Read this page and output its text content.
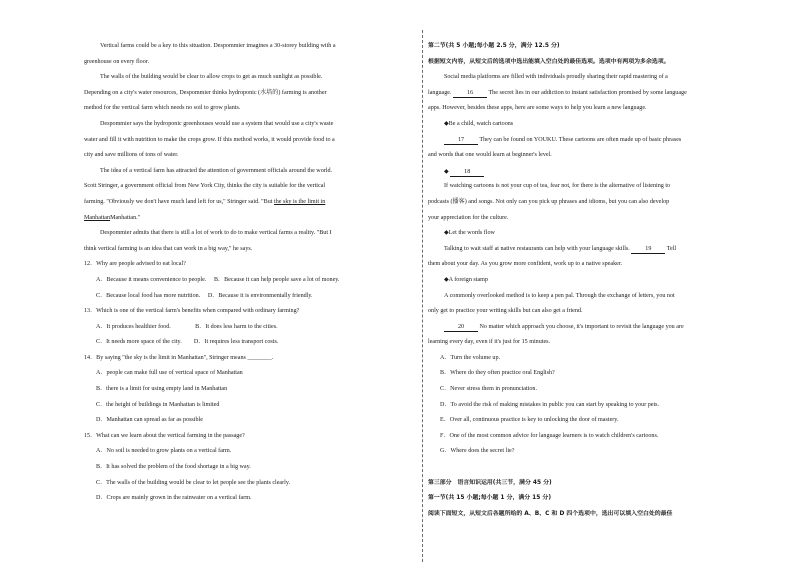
Vertical farms could be a key to this situation. Despommier imagines a 30-storey building with a
greenhouse on every floor.
The walls of the building would be clear to allow crops to get as much sunlight as possible.
Depending on a city's water resources, Despommier thinks hydroponic (水培的) farming is another
method for the vertical farm which needs no soil to grow plants.
Despommier says the hydroponic greenhouses would use a system that would use a city's waste
water and fill it with nutrition to make the crops grow. If this method works, it would provide food to a
city and save millions of tons of water.
The idea of a vertical farm has attracted the attention of government officials around the world.
Scott Stringer, a government official from New York City, thinks the city is suitable for the vertical
farming. "Obviously we don't have much land left for us," Stringer said. "But the sky is the limit in
ManhattanManhattan."
Despommier admits that there is still a lot of work to do to make vertical farms a reality. "But I
think vertical farming is an idea that can work in a big way," he says.
12．Why are people advised to eat local?
A．Because it means convenience to people.　 B．Because it can help people save a lot of money.
C．Because local food has more nutrition.　 D．Because it is environmentally friendly.
13．Which is one of the vertical farm's benefits when compared with ordinary farming?
A．It produces healthier food.　　　　B．It does less harm to the cities.
C．It needs more space of the city.　　D．It requires less transport costs.
14．By saying "the sky is the limit in Manhattan", Stringer means ________.
A．people can make full use of vertical space of Manhattan
B．there is a limit for using empty land in Manhattan
C．the height of buildings in Manhattan is limited
D．Manhattan can spread as far as possible
15．What can we learn about the vertical farming in the passage?
A．No soil is needed to grow plants on a vertical farm.
B．It has solved the problem of the food shortage in a big way.
C．The walls of the building would be clear to let people see the plants clearly.
D．Crops are mainly grown in the rainwater on a vertical farm.
第二节(共 5 小题;每小题 2.5 分，满分 12.5 分)
根据短文内容，从短文后的选项中选出能填入空白处的最佳选项。选项中有两项为多余选项。
Social media platforms are filled with individuals proudly sharing their rapid mastering of a
language. 16 The secret lies in our addiction to instant satisfaction promised by some language
apps. However, besides these apps, here are some ways to help you learn a new language.
◆Be a child, watch cartoons
17 They can be found on YOUKU. These cartoons are often made up of basic phrases
and words that one would learn at beginner's level.
◆	18
If watching cartoons is not your cup of tea, fear not, for there is the alternative of listening to
podcasts (播客) and songs. Not only can you pick up phrases and idioms, but you can also develop
your appreciation for the culture.
◆Let the words flow
Talking to wait staff at native restaurants can help with your language skills. 19 Tell
them about your day. As you grow more confident, work up to a native speaker.
◆A foreign stamp
A commonly overlooked method is to keep a pen pal. Through the exchange of letters, you not
only get to practice your writing skills but can also get a friend.
20 No matter which approach you choose, it's important to revisit the language you are
learning every day, even if it's just for 15 minutes.
A．Turn the volume up.
B．Where do they often practice oral English?
C．Never stress them in pronunciation.
D．To avoid the risk of making mistakes in public you can start by speaking to your pets.
E．Over all, continuous practice is key to unlocking the door of mastery.
F．One of the most common advice for language learners is to watch children's cartoons.
G．Where does the secret lie?
第三部分　语言知识运用(共三节，满分 45 分)
第一节(共 15 小题;每小题 1 分，满分 15 分)
阅读下面短文，从短文后各题所给的 A、B、C 和 D 四个选项中，选出可以填入空白处的最佳
